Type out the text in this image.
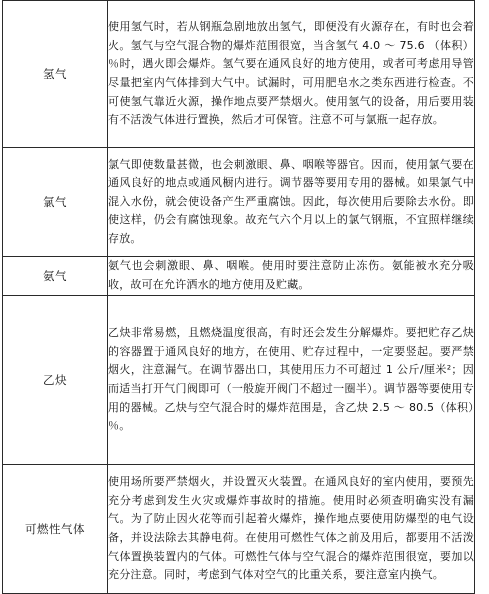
氢气	使用氢气时，若从钢瓶急剧地放出氢气，即便没有火源存在，有时也会着火。氢气与空气混合物的爆炸范围很宽，当含氢气 4.0 ～ 75.6 （体积）％时，遇火即会爆炸。氢气要在通风良好的地方使用，或者可考虑用导管尽量把室内气体排到大气中。试漏时，可用肥皂水之类东西进行检查。不可使氢气靠近火源，操作地点要严禁烟火。使用氢气的设备，用后要用装有不活泼气体进行置换，然后才可保管。注意不可与氯瓶一起存放。
氯气	氯气即使数量甚微，也会刺激眼、鼻、咽喉等器官。因而，使用氯气要在通风良好的地点或通风橱内进行。调节器等要用专用的器械。如果氯气中混入水份，就会使设备产生严重腐蚀。因此，每次使用后要除去水份。即使这样，仍会有腐蚀现象。故充气六个月以上的氯气钢瓶，不宜照样继续存放。
氨气	氨气也会刺激眼、鼻、咽喉。使用时要注意防止冻伤。氨能被水充分吸收，故可在允许洒水的地方使用及贮藏。
乙炔	乙炔非常易燃，且燃烧温度很高，有时还会发生分解爆炸。要把贮存乙炔的容器置于通风良好的地方，在使用、贮存过程中，一定要竖起。要严禁烟火，注意漏气。在调节器出口，其使用压力不可超过 1 公斤/厘米²；因而适当打开气门阀即可（一般旋开阀门不超过一圈半）。调节器等要使用专用的器械。乙炔与空气混合时的爆炸范围是，含乙炔 2.5 ～ 80.5（体积）％。
可燃性气体	使用场所要严禁烟火，并设置灭火装置。在通风良好的室内使用，要预先充分考虑到发生火灾或爆炸事故时的措施。使用时必须查明确实没有漏气。为了防止因火花等而引起着火爆炸，操作地点要使用防爆型的电气设备，并设法除去其静电荷。在使用可燃性气体之前及用后，都要用不活泼气体置换装置内的气体。可燃性气体与空气混合的爆炸范围很宽，要加以充分注意。同时，考虑到气体对空气的比重关系，要注意室内换气。
